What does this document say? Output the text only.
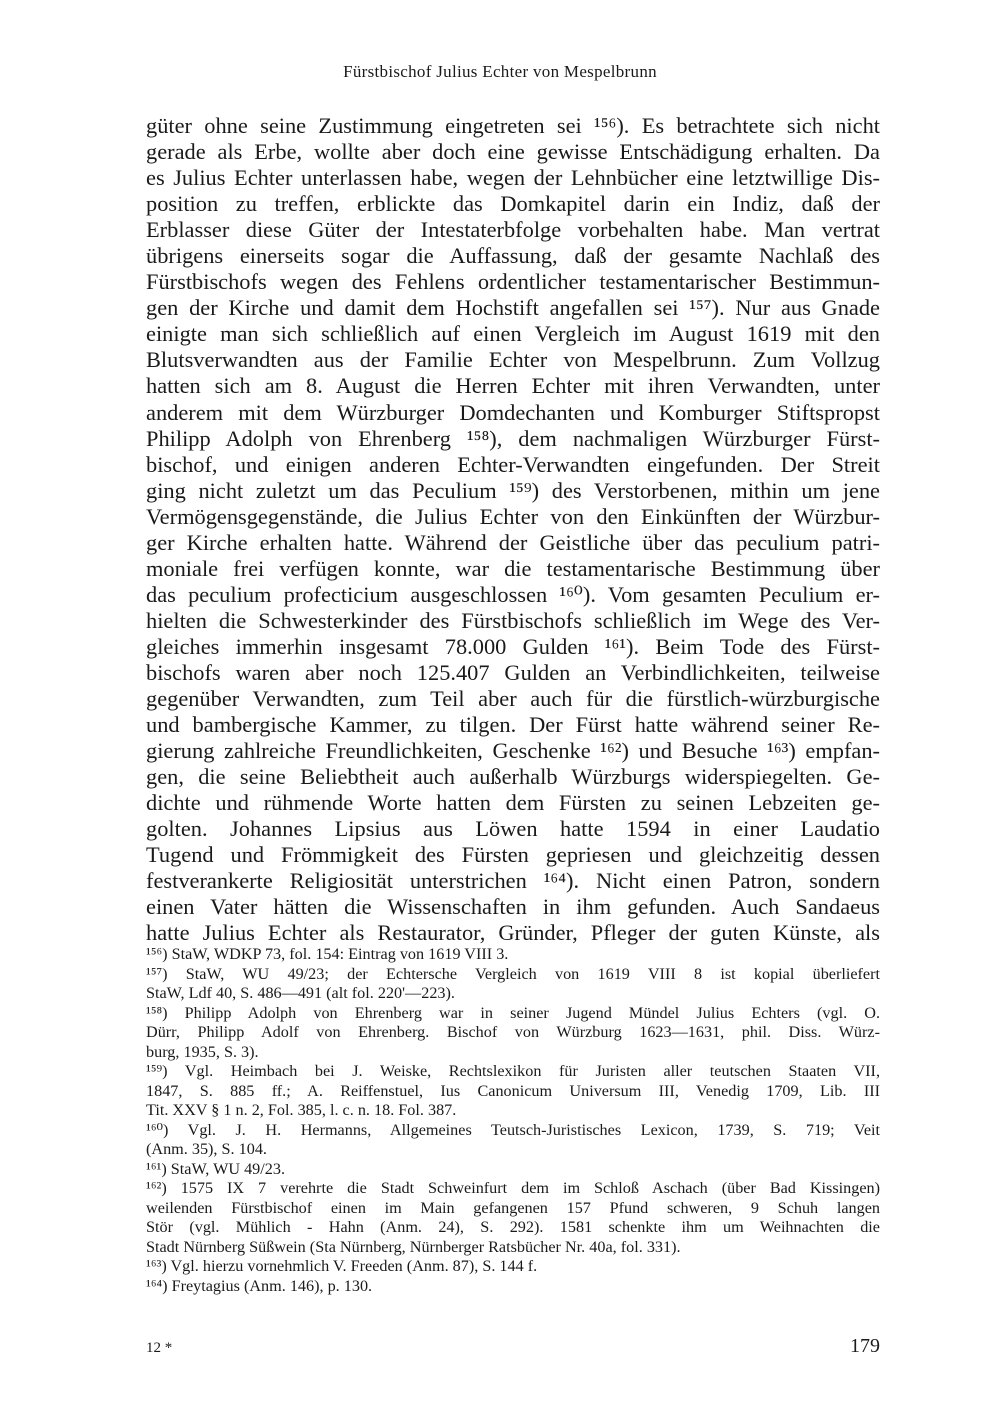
Fürstbischof Julius Echter von Mespelbrunn
güter ohne seine Zustimmung eingetreten sei ¹⁵⁶). Es betrachtete sich nicht
gerade als Erbe, wollte aber doch eine gewisse Entschädigung erhalten. Da
es Julius Echter unterlassen habe, wegen der Lehnbücher eine letztwillige Dis-
position zu treffen, erblickte das Domkapitel darin ein Indiz, daß der
Erblasser diese Güter der Intestaterbfolge vorbehalten habe. Man vertrat
übrigens einerseits sogar die Auffassung, daß der gesamte Nachlaß des
Fürstbischofs wegen des Fehlens ordentlicher testamentarischer Bestimmun-
gen der Kirche und damit dem Hochstift angefallen sei ¹⁵⁷). Nur aus Gnade
einigte man sich schließlich auf einen Vergleich im August 1619 mit den
Blutsverwandten aus der Familie Echter von Mespelbrunn. Zum Vollzug
hatten sich am 8. August die Herren Echter mit ihren Verwandten, unter
anderem mit dem Würzburger Domdechanten und Komburger Stiftspropst
Philipp Adolph von Ehrenberg ¹⁵⁸), dem nachmaligen Würzburger Fürst-
bischof, und einigen anderen Echter-Verwandten eingefunden. Der Streit
ging nicht zuletzt um das Peculium ¹⁵⁹) des Verstorbenen, mithin um jene
Vermögensgegenstände, die Julius Echter von den Einkünften der Würzbur-
ger Kirche erhalten hatte. Während der Geistliche über das peculium patri-
moniale frei verfügen konnte, war die testamentarische Bestimmung über
das peculium profecticium ausgeschlossen ¹⁶⁰). Vom gesamten Peculium er-
hielten die Schwesterkinder des Fürstbischofs schließlich im Wege des Ver-
gleiches immerhin insgesamt 78.000 Gulden ¹⁶¹). Beim Tode des Fürst-
bischofs waren aber noch 125.407 Gulden an Verbindlichkeiten, teilweise
gegenüber Verwandten, zum Teil aber auch für die fürstlich-würzburgische
und bambergische Kammer, zu tilgen. Der Fürst hatte während seiner Re-
gierung zahlreiche Freundlichkeiten, Geschenke ¹⁶²) und Besuche ¹⁶³) empfan-
gen, die seine Beliebtheit auch außerhalb Würzburgs widerspiegelten. Ge-
dichte und rühmende Worte hatten dem Fürsten zu seinen Lebzeiten ge-
golten. Johannes Lipsius aus Löwen hatte 1594 in einer Laudatio
Tugend und Frömmigkeit des Fürsten gepriesen und gleichzeitig dessen
festverankerte Religiosität unterstrichen ¹⁶⁴). Nicht einen Patron, sondern
einen Vater hätten die Wissenschaften in ihm gefunden. Auch Sandaeus
hatte Julius Echter als Restaurator, Gründer, Pfleger der guten Künste, als
¹⁵⁶) StaW, WDKP 73, fol. 154: Eintrag von 1619 VIII 3.
¹⁵⁷) StaW, WU 49/23; der Echtersche Vergleich von 1619 VIII 8 ist kopial überliefert
StaW, Ldf 40, S. 486—491 (alt fol. 220'—223).
¹⁵⁸) Philipp Adolph von Ehrenberg war in seiner Jugend Mündel Julius Echters (vgl. O.
Dürr, Philipp Adolf von Ehrenberg. Bischof von Würzburg 1623—1631, phil. Diss. Würz-
burg, 1935, S. 3).
¹⁵⁹) Vgl. Heimbach bei J. Weiske, Rechtslexikon für Juristen aller teutschen Staaten VII,
1847, S. 885 ff.; A. Reiffenstuel, Ius Canonicum Universum III, Venedig 1709, Lib. III
Tit. XXV § 1 n. 2, Fol. 385, l. c. n. 18. Fol. 387.
¹⁶⁰) Vgl. J. H. Hermanns, Allgemeines Teutsch-Juristisches Lexicon, 1739, S. 719; Veit
(Anm. 35), S. 104.
¹⁶¹) StaW, WU 49/23.
¹⁶²) 1575 IX 7 verehrte die Stadt Schweinfurt dem im Schloß Aschach (über Bad Kissingen)
weilenden Fürstbischof einen im Main gefangenen 157 Pfund schweren, 9 Schuh langen
Stör (vgl. Mühlich - Hahn (Anm. 24), S. 292). 1581 schenkte ihm um Weihnachten die
Stadt Nürnberg Süßwein (Sta Nürnberg, Nürnberger Ratsbücher Nr. 40a, fol. 331).
¹⁶³) Vgl. hierzu vornehmlich V. Freeden (Anm. 87), S. 144 f.
¹⁶⁴) Freytagius (Anm. 146), p. 130.
12 *	179
